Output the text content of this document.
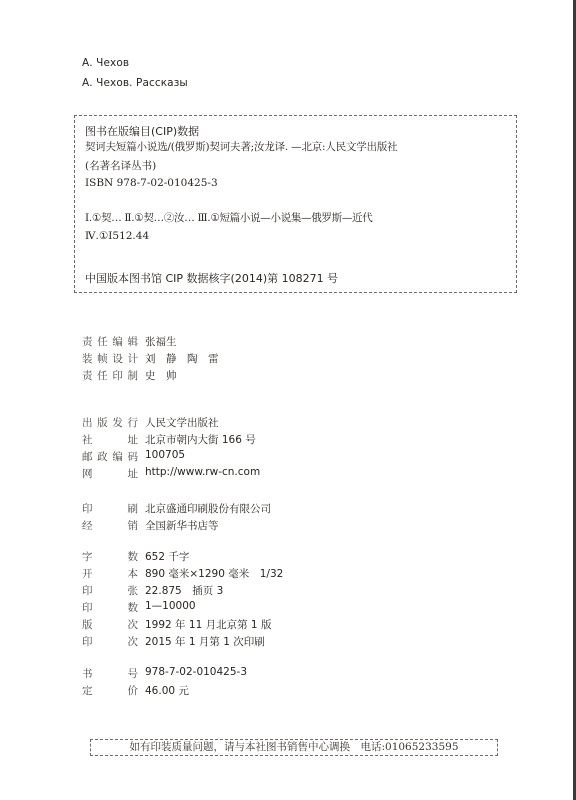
А. Чехов
А. Чехов. Рассказы
图书在版编目(CIP)数据
契诃夫短篇小说选/(俄罗斯)契诃夫著;汝龙译. —北京:人民文学出版社
(名著名译丛书)
ISBN 978-7-02-010425-3
Ⅰ.①契… Ⅱ.①契…②汝… Ⅲ.①短篇小说—小说集—俄罗斯—近代
Ⅳ.①I512.44
中国版本图书馆 CIP 数据核字(2014)第 108271 号
责任编辑 张福生
装帧设计 刘　静　陶　雷
责任印制 史　帅
出版发行 人民文学出版社
社址 北京市朝内大街 166 号
邮政编码 100705
网址 http://www.rw-cn.com
印刷 北京盛通印刷股份有限公司
经销 全国新华书店等
字数 652 千字
开本 890 毫米×1290 毫米　1/32
印张 22.875　插页 3
印数 1—10000
版次 1992 年 11 月北京第 1 版
印次 2015 年 1 月第 1 次印刷
书号 978-7-02-010425-3
定价 46.00 元
如有印装质量问题，请与本社图书销售中心调换　电话:01065233595
